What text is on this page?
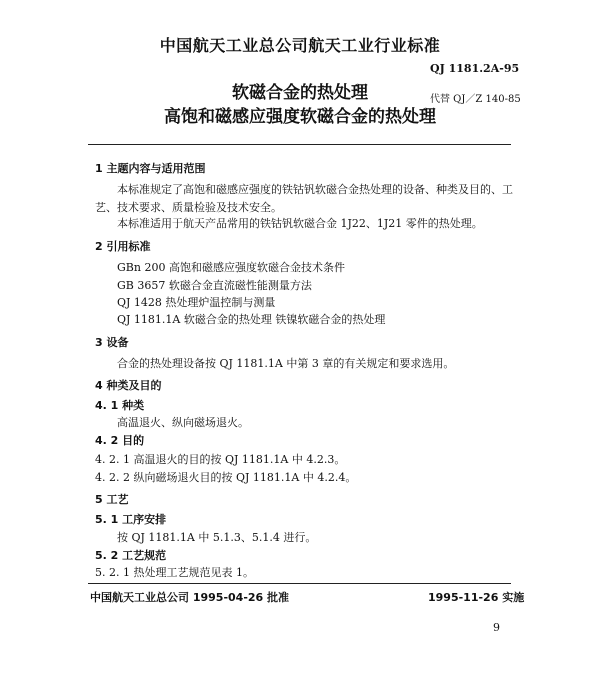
中国航天工业总公司航天工业行业标准
QJ 1181.2A-95
软磁合金的热处理	代替 QJ／Z 140-85
高饱和磁感应强度软磁合金的热处理
1 主题内容与适用范围
本标准规定了高饱和磁感应强度的铁钴钒软磁合金热处理的设备、种类及目的、工
艺、技术要求、质量检验及技术安全。
本标准适用于航天产品常用的铁钴钒软磁合金 1J22、1J21 零件的热处理。
2 引用标准
GBn 200 高饱和磁感应强度软磁合金技术条件
GB 3657 软磁合金直流磁性能测量方法
QJ 1428 热处理炉温控制与测量
QJ 1181.1A 软磁合金的热处理 铁镍软磁合金的热处理
3 设备
合金的热处理设备按 QJ 1181.1A 中第 3 章的有关规定和要求选用。
4 种类及目的
4. 1 种类
高温退火、纵向磁场退火。
4. 2 目的
4. 2. 1 高温退火的目的按 QJ 1181.1A 中 4.2.3。
4. 2. 2 纵向磁场退火目的按 QJ 1181.1A 中 4.2.4。
5 工艺
5. 1 工序安排
按 QJ 1181.1A 中 5.1.3、5.1.4 进行。
5. 2 工艺规范
5. 2. 1 热处理工艺规范见表 1。
中国航天工业总公司 1995-04-26 批准	1995-11-26 实施
9
